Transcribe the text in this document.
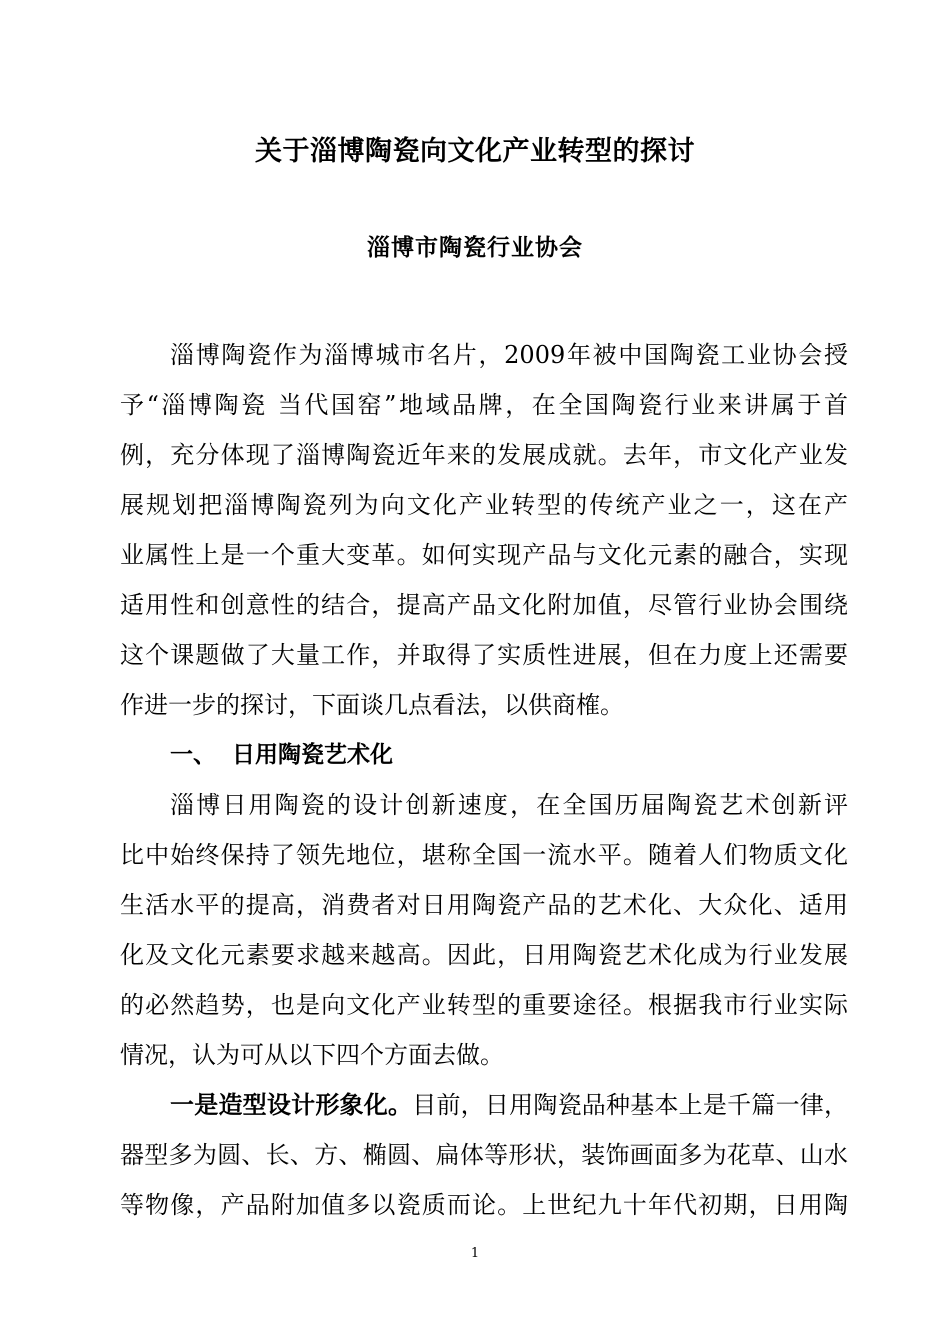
关于淄博陶瓷向文化产业转型的探讨
淄博市陶瓷行业协会
淄博陶瓷作为淄博城市名片，2009年被中国陶瓷工业协会授
予“淄博陶瓷 当代国窑”地域品牌，在全国陶瓷行业来讲属于首
例，充分体现了淄博陶瓷近年来的发展成就。去年，市文化产业发
展规划把淄博陶瓷列为向文化产业转型的传统产业之一，这在产
业属性上是一个重大变革。如何实现产品与文化元素的融合，实现
适用性和创意性的结合，提高产品文化附加值，尽管行业协会围绕
这个课题做了大量工作，并取得了实质性进展，但在力度上还需要
作进一步的探讨，下面谈几点看法，以供商榷。
一、 日用陶瓷艺术化
淄博日用陶瓷的设计创新速度，在全国历届陶瓷艺术创新评
比中始终保持了领先地位，堪称全国一流水平。随着人们物质文化
生活水平的提高，消费者对日用陶瓷产品的艺术化、大众化、适用
化及文化元素要求越来越高。因此，日用陶瓷艺术化成为行业发展
的必然趋势，也是向文化产业转型的重要途径。根据我市行业实际
情况，认为可从以下四个方面去做。
一是造型设计形象化。目前，日用陶瓷品种基本上是千篇一律，
器型多为圆、长、方、椭圆、扁体等形状，装饰画面多为花草、山水
等物像，产品附加值多以瓷质而论。上世纪九十年代初期，日用陶
1
